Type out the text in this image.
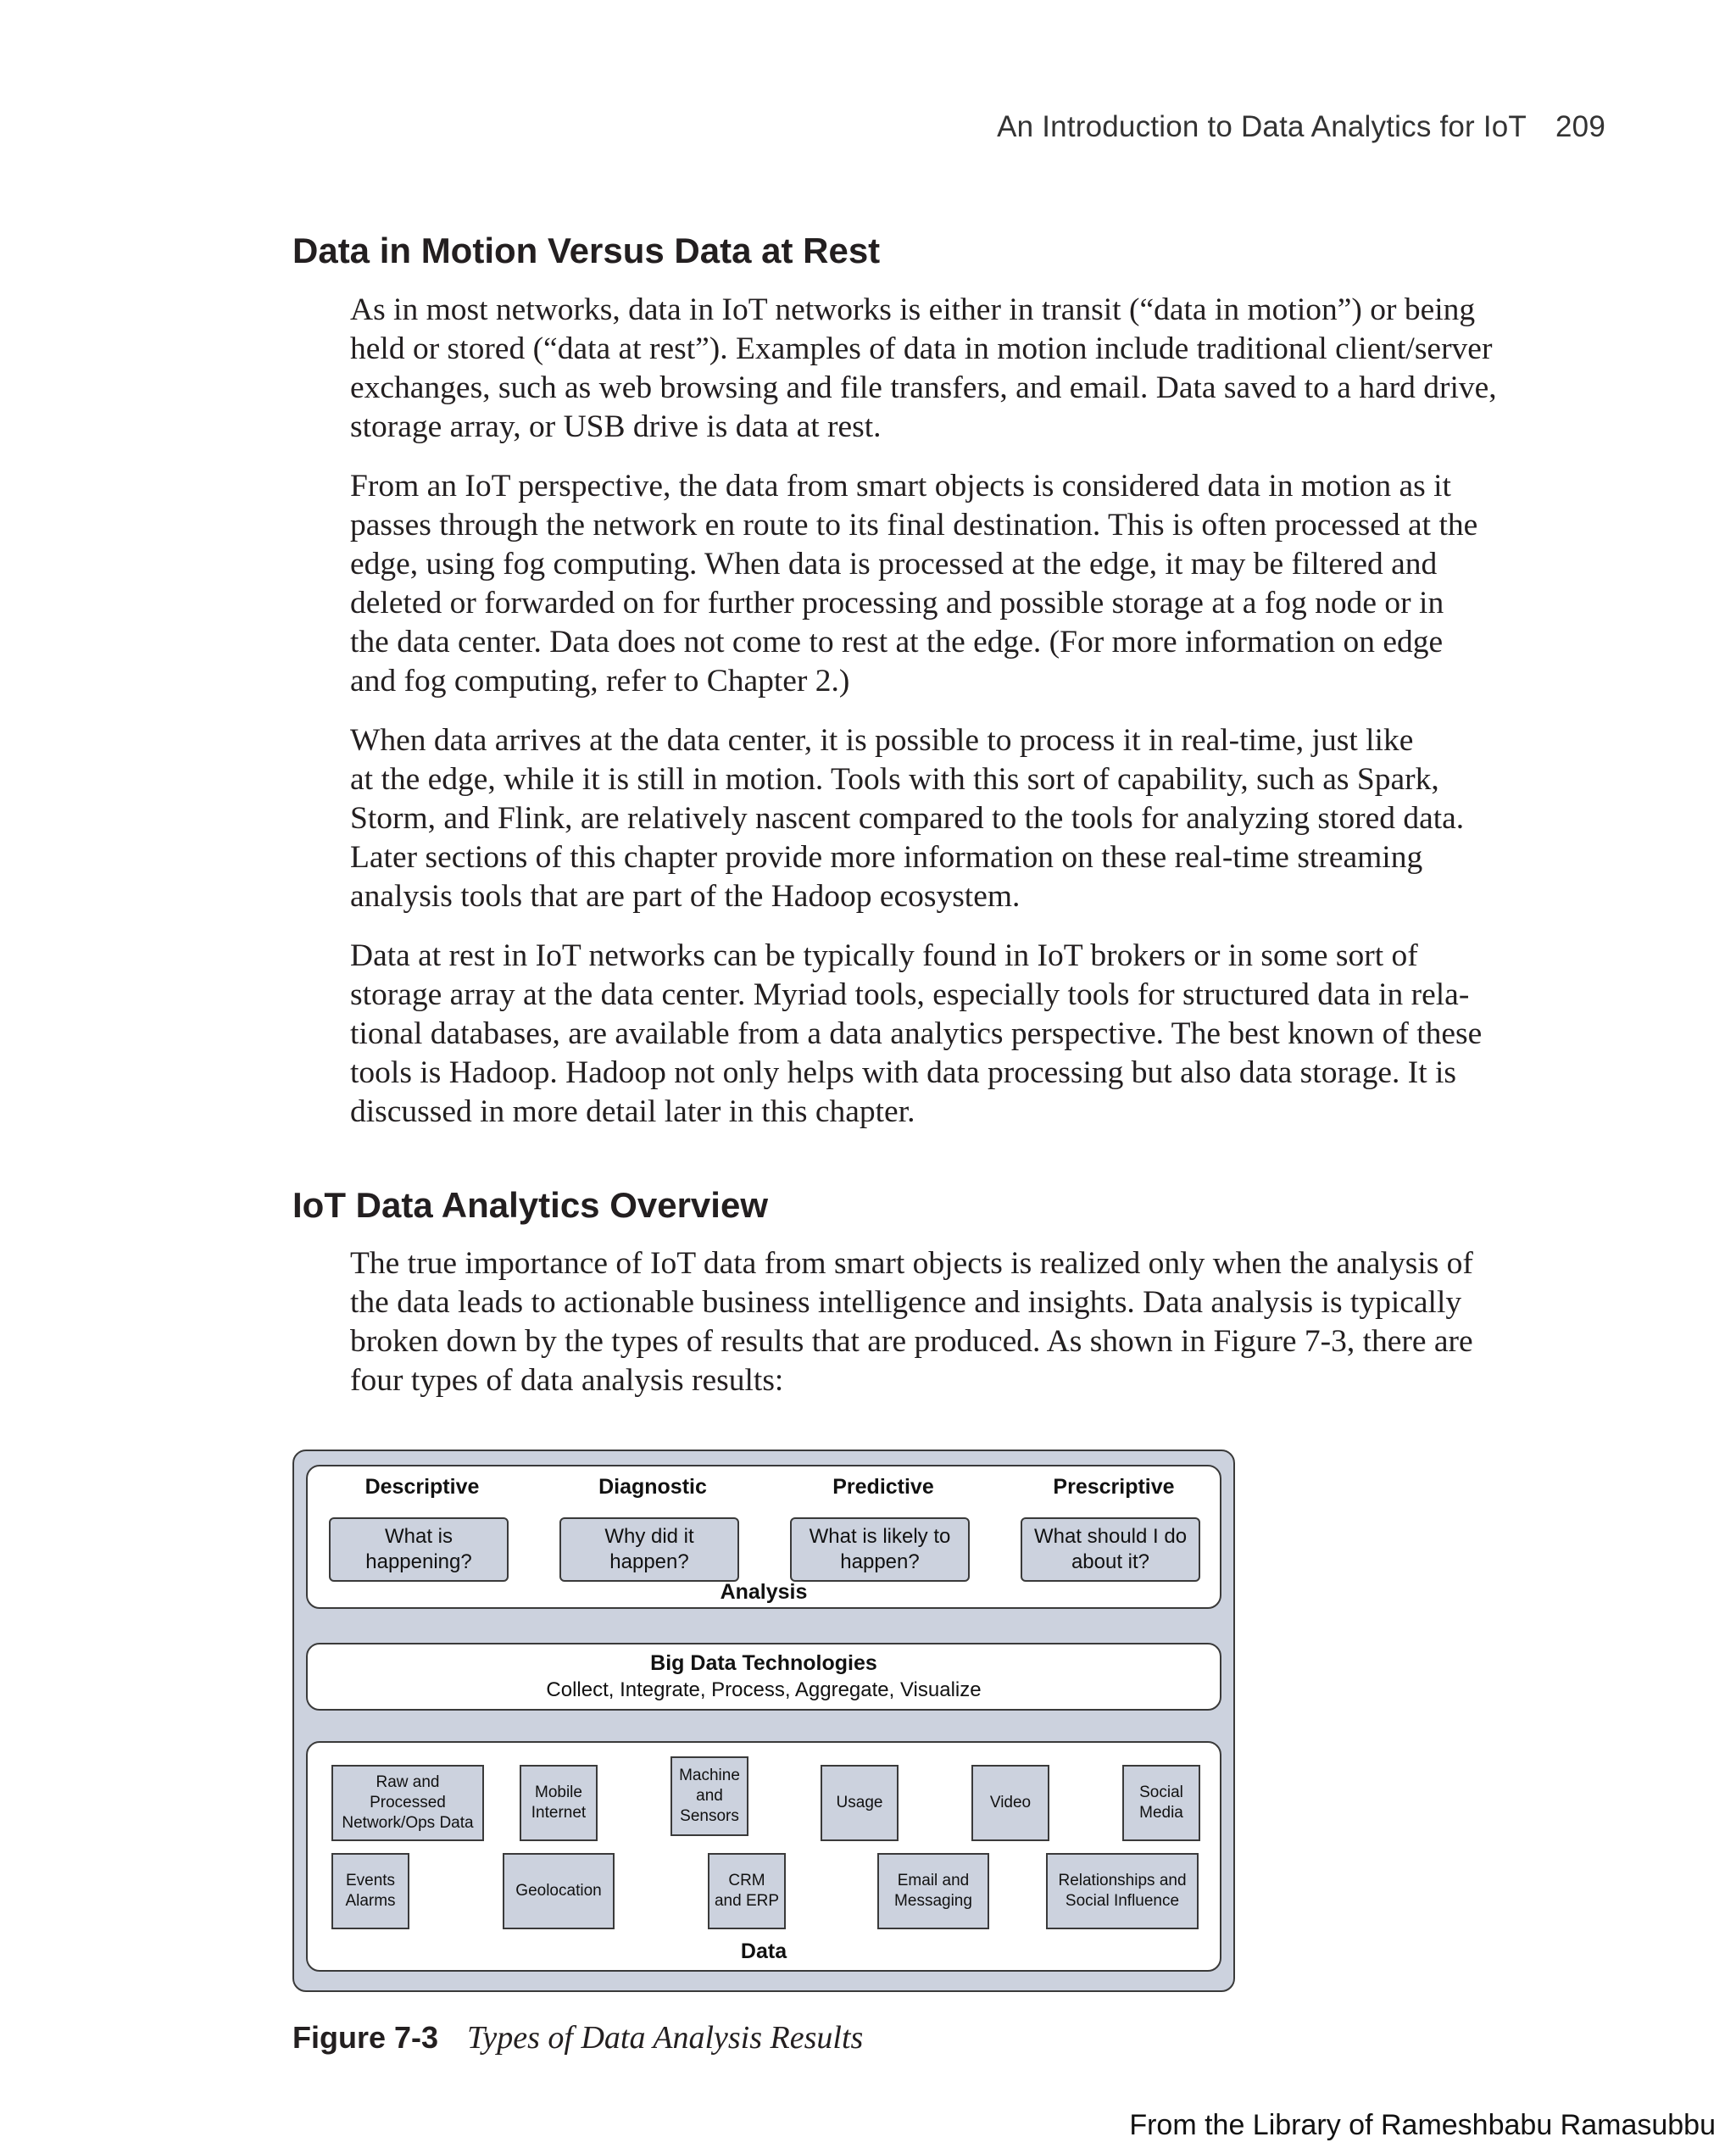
An Introduction to Data Analytics for IoT 209
Data in Motion Versus Data at Rest

As in most networks, data in IoT networks is either in transit (“data in motion”) or being
held or stored (“data at rest”). Examples of data in motion include traditional client/server
exchanges, such as web browsing and file transfers, and email. Data saved to a hard drive,
storage array, or USB drive is data at rest.

From an IoT perspective, the data from smart objects is considered data in motion as it
passes through the network en route to its final destination. This is often processed at the
edge, using fog computing. When data is processed at the edge, it may be filtered and
deleted or forwarded on for further processing and possible storage at a fog node or in
the data center. Data does not come to rest at the edge. (For more information on edge
and fog computing, refer to Chapter 2.)

When data arrives at the data center, it is possible to process it in real-time, just like
at the edge, while it is still in motion. Tools with this sort of capability, such as Spark,
Storm, and Flink, are relatively nascent compared to the tools for analyzing stored data.
Later sections of this chapter provide more information on these real-time streaming
analysis tools that are part of the Hadoop ecosystem.

Data at rest in IoT networks can be typically found in IoT brokers or in some sort of
storage array at the data center. Myriad tools, especially tools for structured data in rela-
tional databases, are available from a data analytics perspective. The best known of these
tools is Hadoop. Hadoop not only helps with data processing but also data storage. It is
discussed in more detail later in this chapter.

IoT Data Analytics Overview

The true importance of IoT data from smart objects is realized only when the analysis of
the data leads to actionable business intelligence and insights. Data analysis is typically
broken down by the types of results that are produced. As shown in Figure 7-3, there are
four types of data analysis results:

Descriptive	Diagnostic	Predictive	Prescriptive
What is happening?
Why did it happen?
What is likely to happen?
What should I do about it?
Analysis
Big Data Technologies
Collect, Integrate, Process, Aggregate, Visualize
Raw and Processed Network/Ops Data
Mobile Internet
Machine and Sensors
Usage	Video
Social Media
Events Alarms
Geolocation
CRM and ERP
Email and Messaging
Relationships and Social Influence
Data
Figure 7-3 Types of Data Analysis Results
From the Library of Rameshbabu Ramasubbu
